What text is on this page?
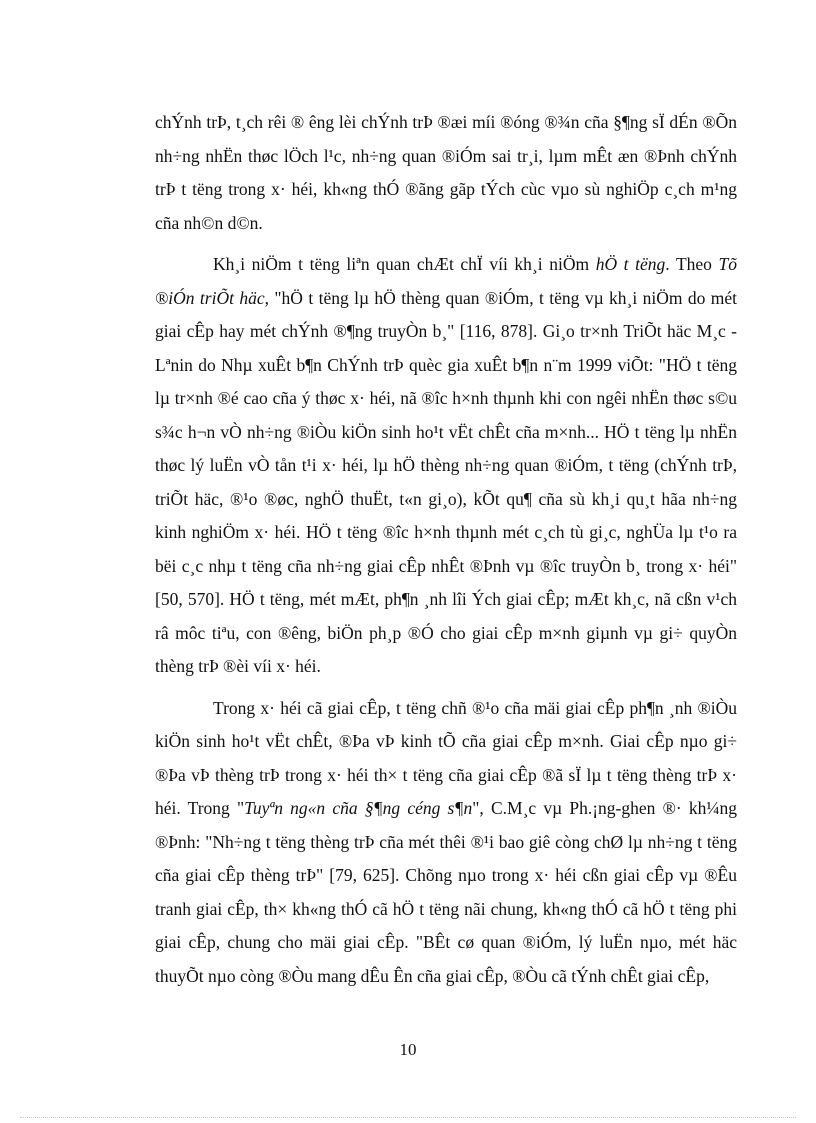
chÝnh trÞ, t¸ch rêi ® êng lèi chÝnh trÞ ®æi míi ®óng ®¾n cña §¶ng sÏ dÉn ®Õn nh÷ng nhËn thøc lÖch l¹c, nh÷ng quan ®iÓm sai tr¸i, lµm mÊt æn ®Þnh chÝnh trÞ t tëng trong x· héi, kh«ng thÓ ®ãng gãp tÝch cùc vµo sù nghiÖp c¸ch m¹ng cña nh©n d©n.

Kh¸i niÖm t tëng liªn quan chÆt chÏ víi kh¸i niÖm hÖ t tëng. Theo Tõ ®iÓn triÕt häc, "hÖ t tëng lµ hÖ thèng quan ®iÓm, t tëng vµ kh¸i niÖm do mét giai cÊp hay mét chÝnh ®¶ng truyÒn b¸" [116, 878]. Gi¸o tr×nh TriÕt häc M¸c - Lªnin do Nhµ xuÊt b¶n ChÝnh trÞ quèc gia xuÊt b¶n n¨m 1999 viÕt: "HÖ t tëng lµ tr×nh ®é cao cña ý thøc x· héi, nã ®îc h×nh thµnh khi con ngêi nhËn thøc s©u s¾c h¬n vÒ nh÷ng ®iÒu kiÖn sinh ho¹t vËt chÊt cña m×nh... HÖ t tëng lµ nhËn thøc lý luËn vÒ tån t¹i x· héi, lµ hÖ thèng nh÷ng quan ®iÓm, t tëng (chÝnh trÞ, triÕt häc, ®¹o ®øc, nghÖ thuËt, t«n gi¸o), kÕt qu¶ cña sù kh¸i qu¸t hãa nh÷ng kinh nghiÖm x· héi. HÖ t tëng ®îc h×nh thµnh mét c¸ch tù gi¸c, nghÜa lµ t¹o ra bëi c¸c nhµ t tëng cña nh÷ng giai cÊp nhÊt ®Þnh vµ ®îc truyÒn b¸ trong x· héi" [50, 570]. HÖ t tëng, mét mÆt, ph¶n ¸nh lîi Ých giai cÊp; mÆt kh¸c, nã cßn v¹ch râ môc tiªu, con ®êng, biÖn ph¸p ®Ó cho giai cÊp m×nh giµnh vµ gi÷ quyÒn thèng trÞ ®èi víi x· héi.

Trong x· héi cã giai cÊp, t tëng chñ ®¹o cña mäi giai cÊp ph¶n ¸nh ®iÒu kiÖn sinh ho¹t vËt chÊt, ®Þa vÞ kinh tÕ cña giai cÊp m×nh. Giai cÊp nµo gi÷ ®Þa vÞ thèng trÞ trong x· héi th× t tëng cña giai cÊp ®ã sÏ lµ t tëng thèng trÞ x· héi. Trong "Tuyªn ng«n cña §¶ng céng s¶n", C.M¸c vµ Ph.¡ng-ghen ®· kh¼ng ®Þnh: "Nh÷ng t tëng thèng trÞ cña mét thêi ®¹i bao giê còng chØ lµ nh÷ng t tëng cña giai cÊp thèng trÞ" [79, 625]. Chõng nµo trong x· héi cßn giai cÊp vµ ®Êu tranh giai cÊp, th× kh«ng thÓ cã hÖ t tëng nãi chung, kh«ng thÓ cã hÖ t tëng phi giai cÊp, chung cho mäi giai cÊp. "BÊt cø quan ®iÓm, lý luËn nµo, mét häc thuyÕt nµo còng ®Òu mang dÊu Ên cña giai cÊp, ®Òu cã tÝnh chÊt giai cÊp,

10
